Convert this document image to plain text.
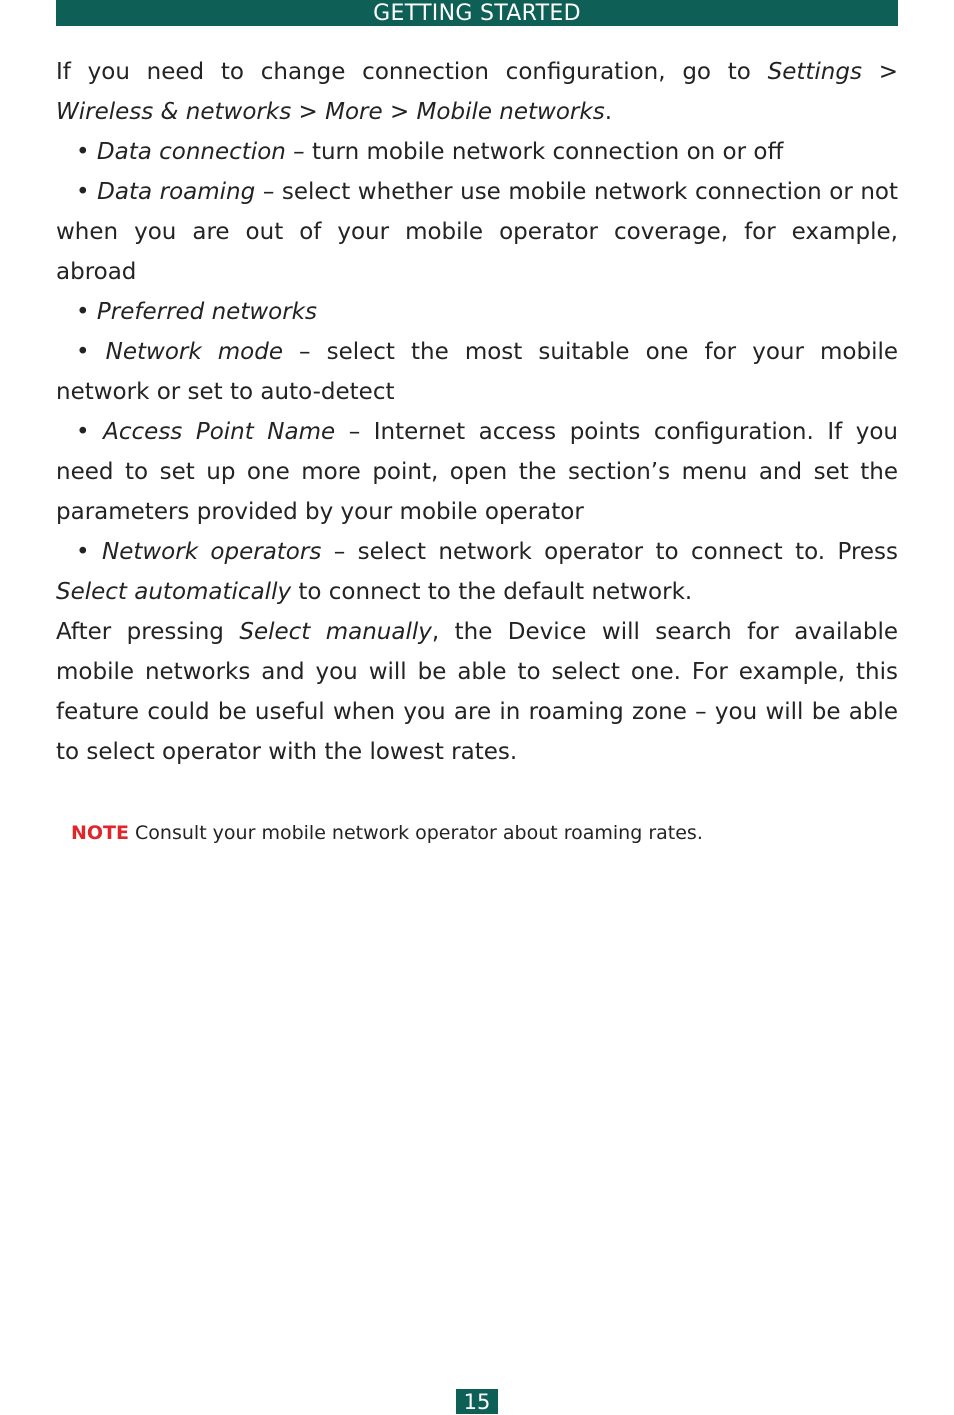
GETTING STARTED

If you need to change connection configuration, go to Settings > Wireless & networks > More > Mobile networks.

• Data connection – turn mobile network connection on or off

• Data roaming – select whether use mobile network connection or not when you are out of your mobile operator coverage, for example, abroad

• Preferred networks

• Network mode – select the most suitable one for your mobile network or set to auto-detect

• Access Point Name – Internet access points configuration. If you need to set up one more point, open the section’s menu and set the parameters provided by your mobile operator

• Network operators – select network operator to connect to. Press Select automatically to connect to the default network.

After pressing Select manually, the Device will search for available mobile networks and you will be able to select one. For example, this feature could be useful when you are in roaming zone – you will be able to select operator with the lowest rates.

NOTE Consult your mobile network operator about roaming rates.
15
